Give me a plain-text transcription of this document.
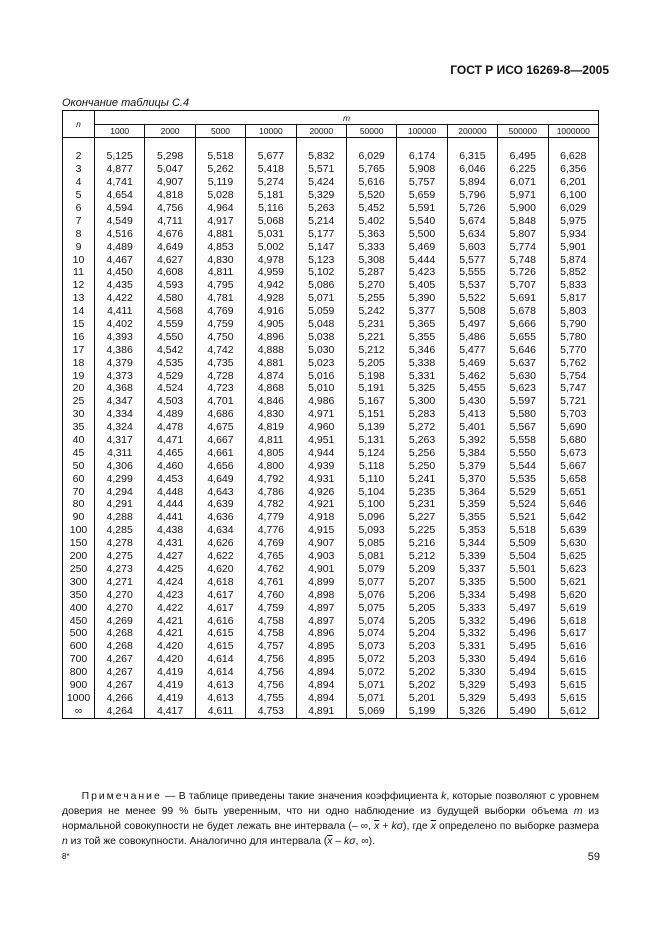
ГОСТ Р ИСО 16269-8—2005
Окончание таблицы С.4
n	m									
	1000	2000	5000	10000	20000	50000	100000	200000	500000	1000000

2	5,125	5,298	5,518	5,677	5,832	6,029	6,174	6,315	6,495	6,628
3	4,877	5,047	5,262	5,418	5,571	5,765	5,908	6,046	6,225	6,356
4	4,741	4,907	5,119	5,274	5,424	5,616	5,757	5,894	6,071	6,201
5	4,654	4,818	5,028	5,181	5,329	5,520	5,659	5,796	5,971	6,100
6	4,594	4,756	4,964	5,116	5,263	5,452	5,591	5,726	5,900	6,029
7	4,549	4,711	4,917	5,068	5,214	5,402	5,540	5,674	5,848	5,975
8	4,516	4,676	4,881	5,031	5,177	5,363	5,500	5,634	5,807	5,934
9	4,489	4,649	4,853	5,002	5,147	5,333	5,469	5,603	5,774	5,901
10	4,467	4,627	4,830	4,978	5,123	5,308	5,444	5,577	5,748	5,874
11	4,450	4,608	4,811	4,959	5,102	5,287	5,423	5,555	5,726	5,852
12	4,435	4,593	4,795	4,942	5,086	5,270	5,405	5,537	5,707	5,833
13	4,422	4,580	4,781	4,928	5,071	5,255	5,390	5,522	5,691	5,817
14	4,411	4,568	4,769	4,916	5,059	5,242	5,377	5,508	5,678	5,803
15	4,402	4,559	4,759	4,905	5,048	5,231	5,365	5,497	5,666	5,790
16	4,393	4,550	4,750	4,896	5,038	5,221	5,355	5,486	5,655	5,780
17	4,386	4,542	4,742	4,888	5,030	5,212	5,346	5,477	5,646	5,770
18	4,379	4,535	4,735	4,881	5,023	5,205	5,338	5,469	5,637	5,762
19	4,373	4,529	4,728	4,874	5,016	5,198	5,331	5,462	5,630	5,754
20	4,368	4,524	4,723	4,868	5,010	5,191	5,325	5,455	5,623	5,747
25	4,347	4,503	4,701	4,846	4,986	5,167	5,300	5,430	5,597	5,721
30	4,334	4,489	4,686	4,830	4,971	5,151	5,283	5,413	5,580	5,703
35	4,324	4,478	4,675	4,819	4,960	5,139	5,272	5,401	5,567	5,690
40	4,317	4,471	4,667	4,811	4,951	5,131	5,263	5,392	5,558	5,680
45	4,311	4,465	4,661	4,805	4,944	5,124	5,256	5,384	5,550	5,673
50	4,306	4,460	4,656	4,800	4,939	5,118	5,250	5,379	5,544	5,667
60	4,299	4,453	4,649	4,792	4,931	5,110	5,241	5,370	5,535	5,658
70	4,294	4,448	4,643	4,786	4,926	5,104	5,235	5,364	5,529	5,651
80	4,291	4,444	4,639	4,782	4,921	5,100	5,231	5,359	5,524	5,646
90	4,288	4,441	4,636	4,779	4,918	5,096	5,227	5,355	5,521	5,642
100	4,285	4,438	4,634	4,776	4,915	5,093	5,225	5,353	5,518	5,639
150	4,278	4,431	4,626	4,769	4,907	5,085	5,216	5,344	5,509	5,630
200	4,275	4,427	4,622	4,765	4,903	5,081	5,212	5,339	5,504	5,625
250	4,273	4,425	4,620	4,762	4,901	5,079	5,209	5,337	5,501	5,623
300	4,271	4,424	4,618	4,761	4,899	5,077	5,207	5,335	5,500	5,621
350	4,270	4,423	4,617	4,760	4,898	5,076	5,206	5,334	5,498	5,620
400	4,270	4,422	4,617	4,759	4,897	5,075	5,205	5,333	5,497	5,619
450	4,269	4,421	4,616	4,758	4,897	5,074	5,205	5,332	5,496	5,618
500	4,268	4,421	4,615	4,758	4,896	5,074	5,204	5,332	5,496	5,617
600	4,268	4,420	4,615	4,757	4,895	5,073	5,203	5,331	5,495	5,616
700	4,267	4,420	4,614	4,756	4,895	5,072	5,203	5,330	5,494	5,616
800	4,267	4,419	4,614	4,756	4,894	5,072	5,202	5,330	5,494	5,615
900	4,267	4,419	4,613	4,756	4,894	5,071	5,202	5,329	5,493	5,615
1000	4,266	4,419	4,613	4,755	4,894	5,071	5,201	5,329	5,493	5,615
∞	4,264	4,417	4,611	4,753	4,891	5,069	5,199	5,326	5,490	5,612
Примечание — В таблице приведены такие значения коэффициента k, которые позволяют с уровнем доверия не менее 99 % быть уверенным, что ни одно наблюдение из будущей выборки объема m из нормальной совокупности не будет лежать вне интервала (– ∞, $\overline{x} + k\sigma$), где $\overline{x}$ определено по выборке размера n из той же совокупности. Аналогично для интервала ($\overline{x}$ – kσ, ∞).
8*	59
